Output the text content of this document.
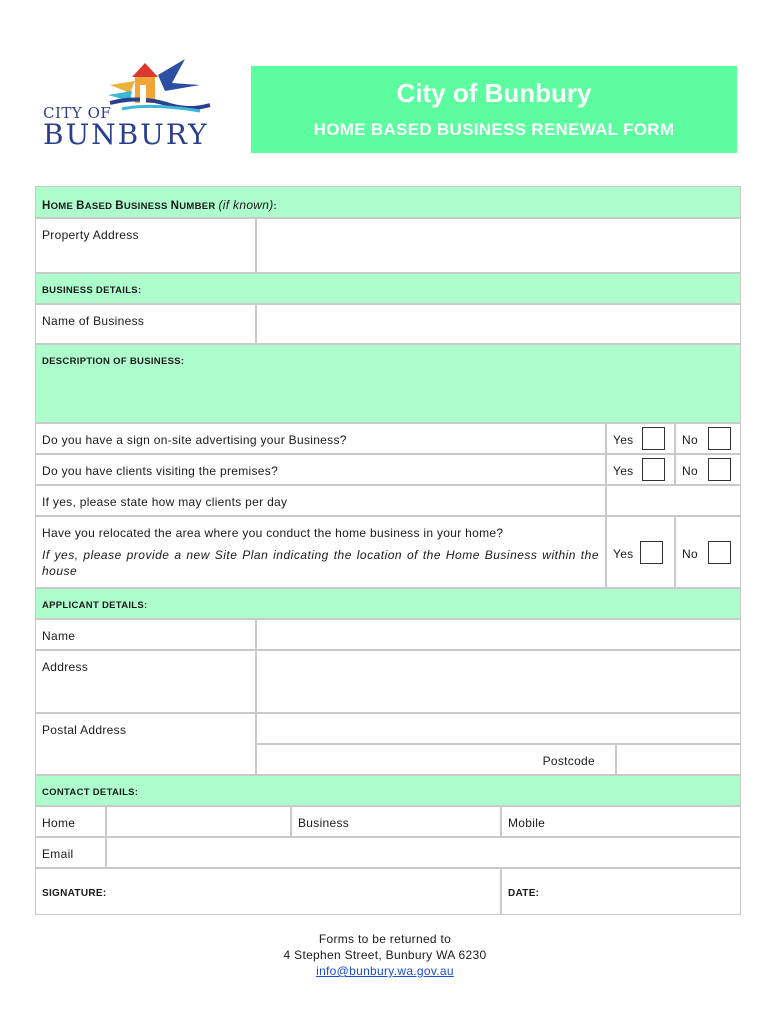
CITY OF
BUNBURY
City of Bunbury
HOME BASED BUSINESS RENEWAL FORM
HOME BASED BUSINESS NUMBER (if known):
Property Address
BUSINESS DETAILS:
Name of Business
DESCRIPTION OF BUSINESS:
Do you have a sign on-site advertising your Business?	Yes	No
Do you have clients visiting the premises?	Yes	No
If yes, please state how may clients per day
Have you relocated the area where you conduct the home business in your home?
If yes, please provide a new Site Plan indicating the location of the Home Business within the house
Yes	No
APPLICANT DETAILS:
Name
Address
Postal Address
Postcode
CONTACT DETAILS:
Home	Business	Mobile
Email
SIGNATURE:	DATE:
Forms to be returned to
4 Stephen Street, Bunbury WA 6230
info@bunbury.wa.gov.au
